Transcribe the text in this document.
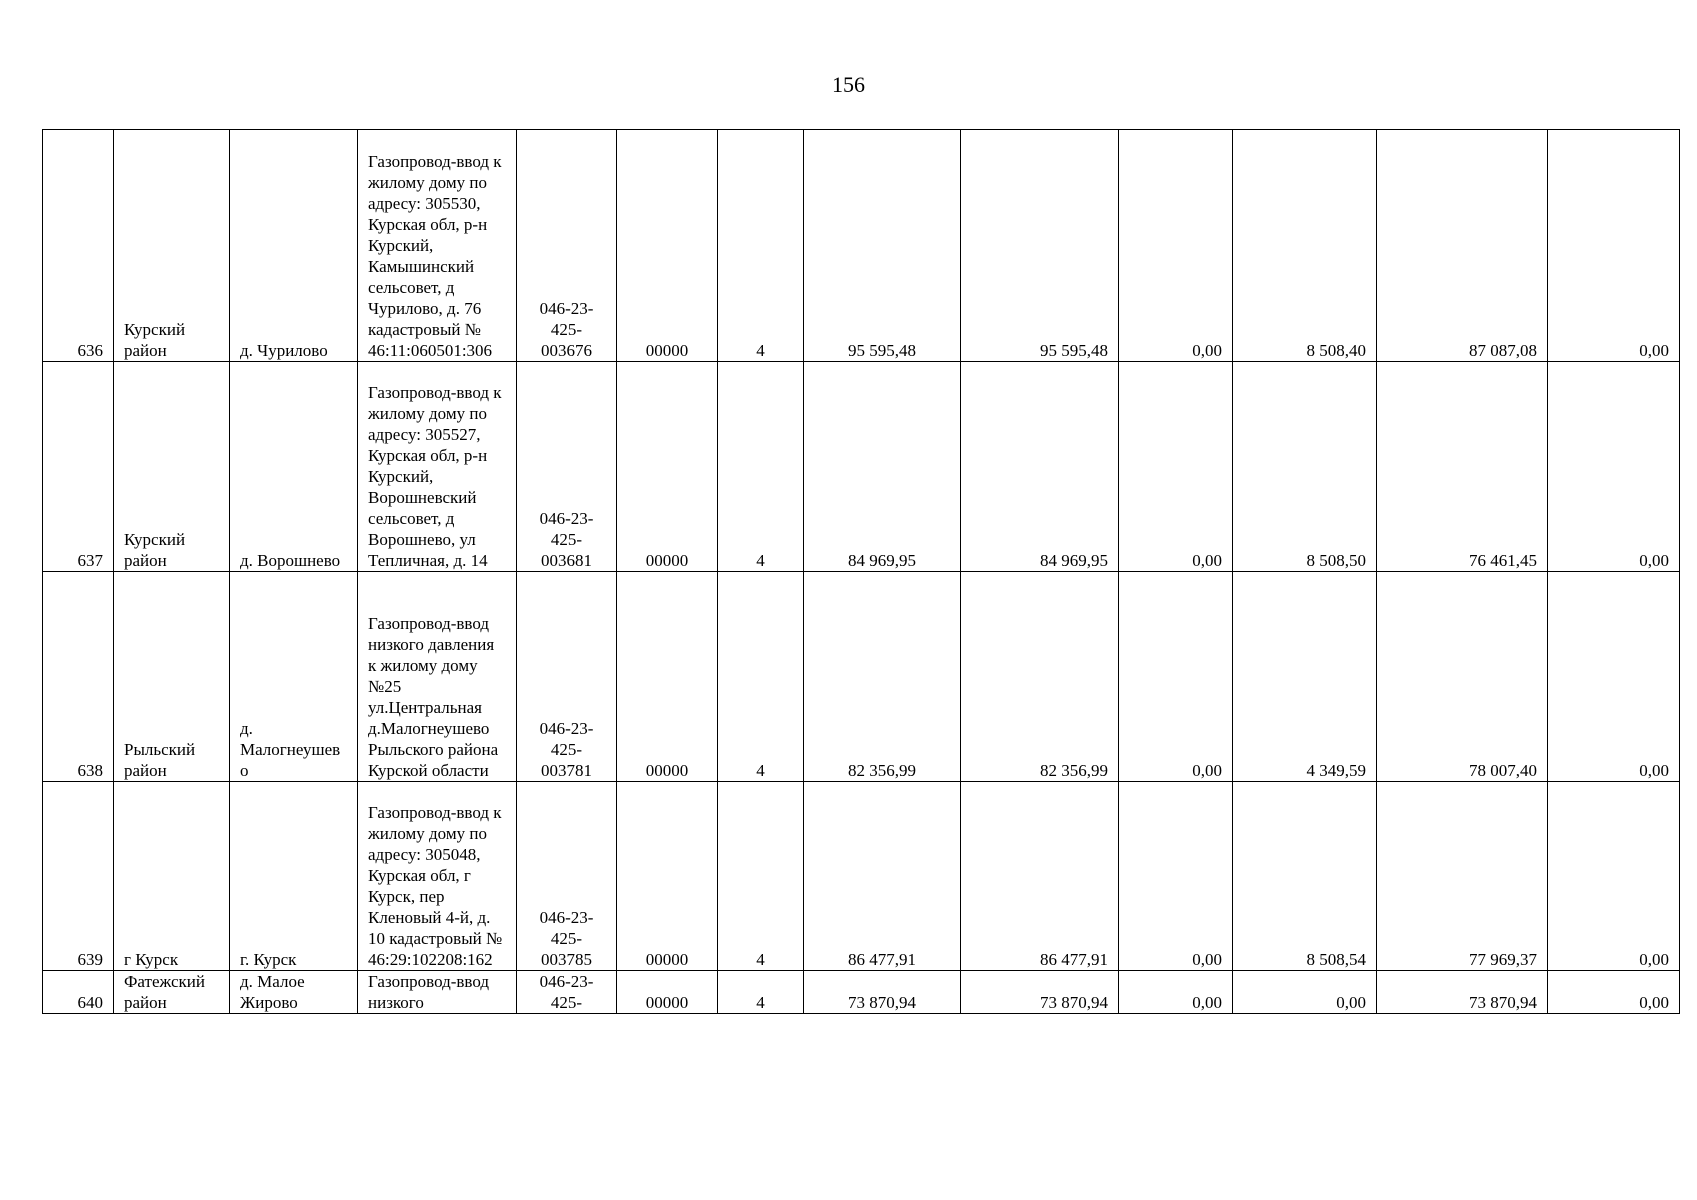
156
636	Курский район	д. Чурилово	Газопровод-ввод к жилому дому по адресу: 305530, Курская обл, р-н Курский, Камышинский сельсовет, д Чурилово, д. 76 кадастровый № 46:11:060501:306	046-23-425-003676	00000	4	95 595,48	95 595,48	0,00	8 508,40	87 087,08	0,00
637	Курский район	д. Ворошнево	Газопровод-ввод к жилому дому по адресу: 305527, Курская обл, р-н Курский, Ворошневский сельсовет, д Ворошнево, ул Тепличная, д. 14	046-23-425-003681	00000	4	84 969,95	84 969,95	0,00	8 508,50	76 461,45	0,00
638	Рыльский район	д. Малогнеушево	Газопровод-ввод низкого давления к жилому дому №25 ул.Центральная д.Малогнеушево Рыльского района Курской области	046-23-425-003781	00000	4	82 356,99	82 356,99	0,00	4 349,59	78 007,40	0,00
639	г Курск	г. Курск	Газопровод-ввод к жилому дому по адресу: 305048, Курская обл, г Курск, пер Кленовый 4-й, д. 10 кадастровый № 46:29:102208:162	046-23-425-003785	00000	4	86 477,91	86 477,91	0,00	8 508,54	77 969,37	0,00
640	Фатежский район	д. Малое Жирово	Газопровод-ввод низкого	046-23-425-	00000	4	73 870,94	73 870,94	0,00	0,00	73 870,94	0,00
